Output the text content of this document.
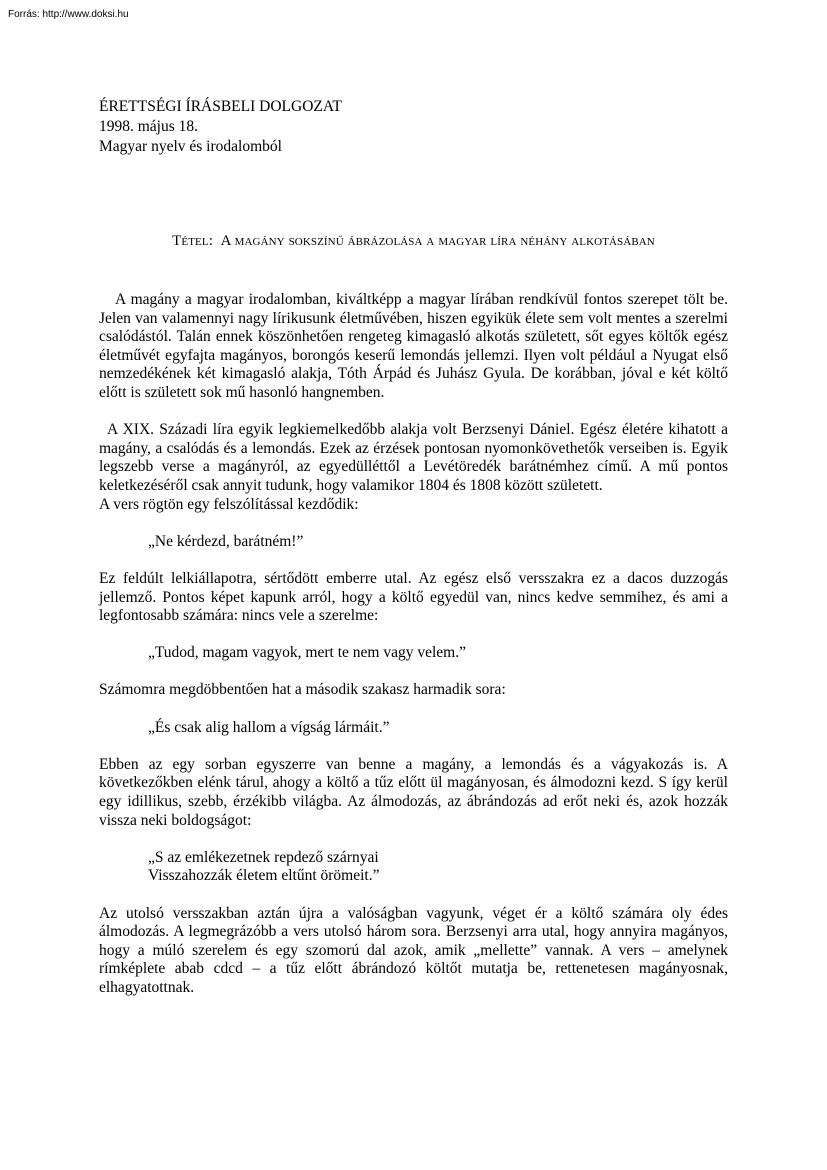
Forrás: http://www.doksi.hu
ÉRETTSÉGI ÍRÁSBELI DOLGOZAT
1998. május 18.
Magyar nyelv és irodalomból
Tétel: A magány sokszínű ábrázolása a magyar líra néhány alkotásában

A magány a magyar irodalomban, kiváltképp a magyar lírában rendkívül fontos szerepet tölt be. Jelen van valamennyi nagy lírikusunk életművében, hiszen egyikük élete sem volt mentes a szerelmi csalódástól. Talán ennek köszönhetően rengeteg kimagasló alkotás született, sőt egyes költők egész életművét egyfajta magányos, borongós keserű lemondás jellemzi. Ilyen volt például a Nyugat első nemzedékének két kimagasló alakja, Tóth Árpád és Juhász Gyula. De korábban, jóval e két költő előtt is született sok mű hasonló hangnemben.

A XIX. Századi líra egyik legkiemelkedőbb alakja volt Berzsenyi Dániel. Egész életére kihatott a magány, a csalódás és a lemondás. Ezek az érzések pontosan nyomonkövethetők verseiben is. Egyik legszebb verse a magányról, az egyedülléttől a Levétöredék barátnémhez című. A mű pontos keletkezéséről csak annyit tudunk, hogy valamikor 1804 és 1808 között született.

A vers rögtön egy felszólítással kezdődik:

„Ne kérdezd, barátném!”

Ez feldúlt lelkiállapotra, sértődött emberre utal. Az egész első versszakra ez a dacos duzzogás jellemző. Pontos képet kapunk arról, hogy a költő egyedül van, nincs kedve semmihez, és ami a legfontosabb számára: nincs vele a szerelme:

„Tudod, magam vagyok, mert te nem vagy velem.”

Számomra megdöbbentően hat a második szakasz harmadik sora:

„És csak alig hallom a vígság lármáit.”

Ebben az egy sorban egyszerre van benne a magány, a lemondás és a vágyakozás is. A következőkben elénk tárul, ahogy a költő a tűz előtt ül magányosan, és álmodozni kezd. S így kerül egy idillikus, szebb, érzékibb világba. Az álmodozás, az ábrándozás ad erőt neki és, azok hozzák vissza neki boldogságot:

„S az emlékezetnek repdező szárnyai

Visszahozzák életem eltűnt örömeit.”

Az utolsó versszakban aztán újra a valóságban vagyunk, véget ér a költő számára oly édes álmodozás. A legmegrázóbb a vers utolsó három sora. Berzsenyi arra utal, hogy annyira magányos, hogy a múló szerelem és egy szomorú dal azok, amik „mellette” vannak. A vers – amelynek rímképlete abab cdcd – a tűz előtt ábrándozó költőt mutatja be, rettenetesen magányosnak, elhagyatottnak.
